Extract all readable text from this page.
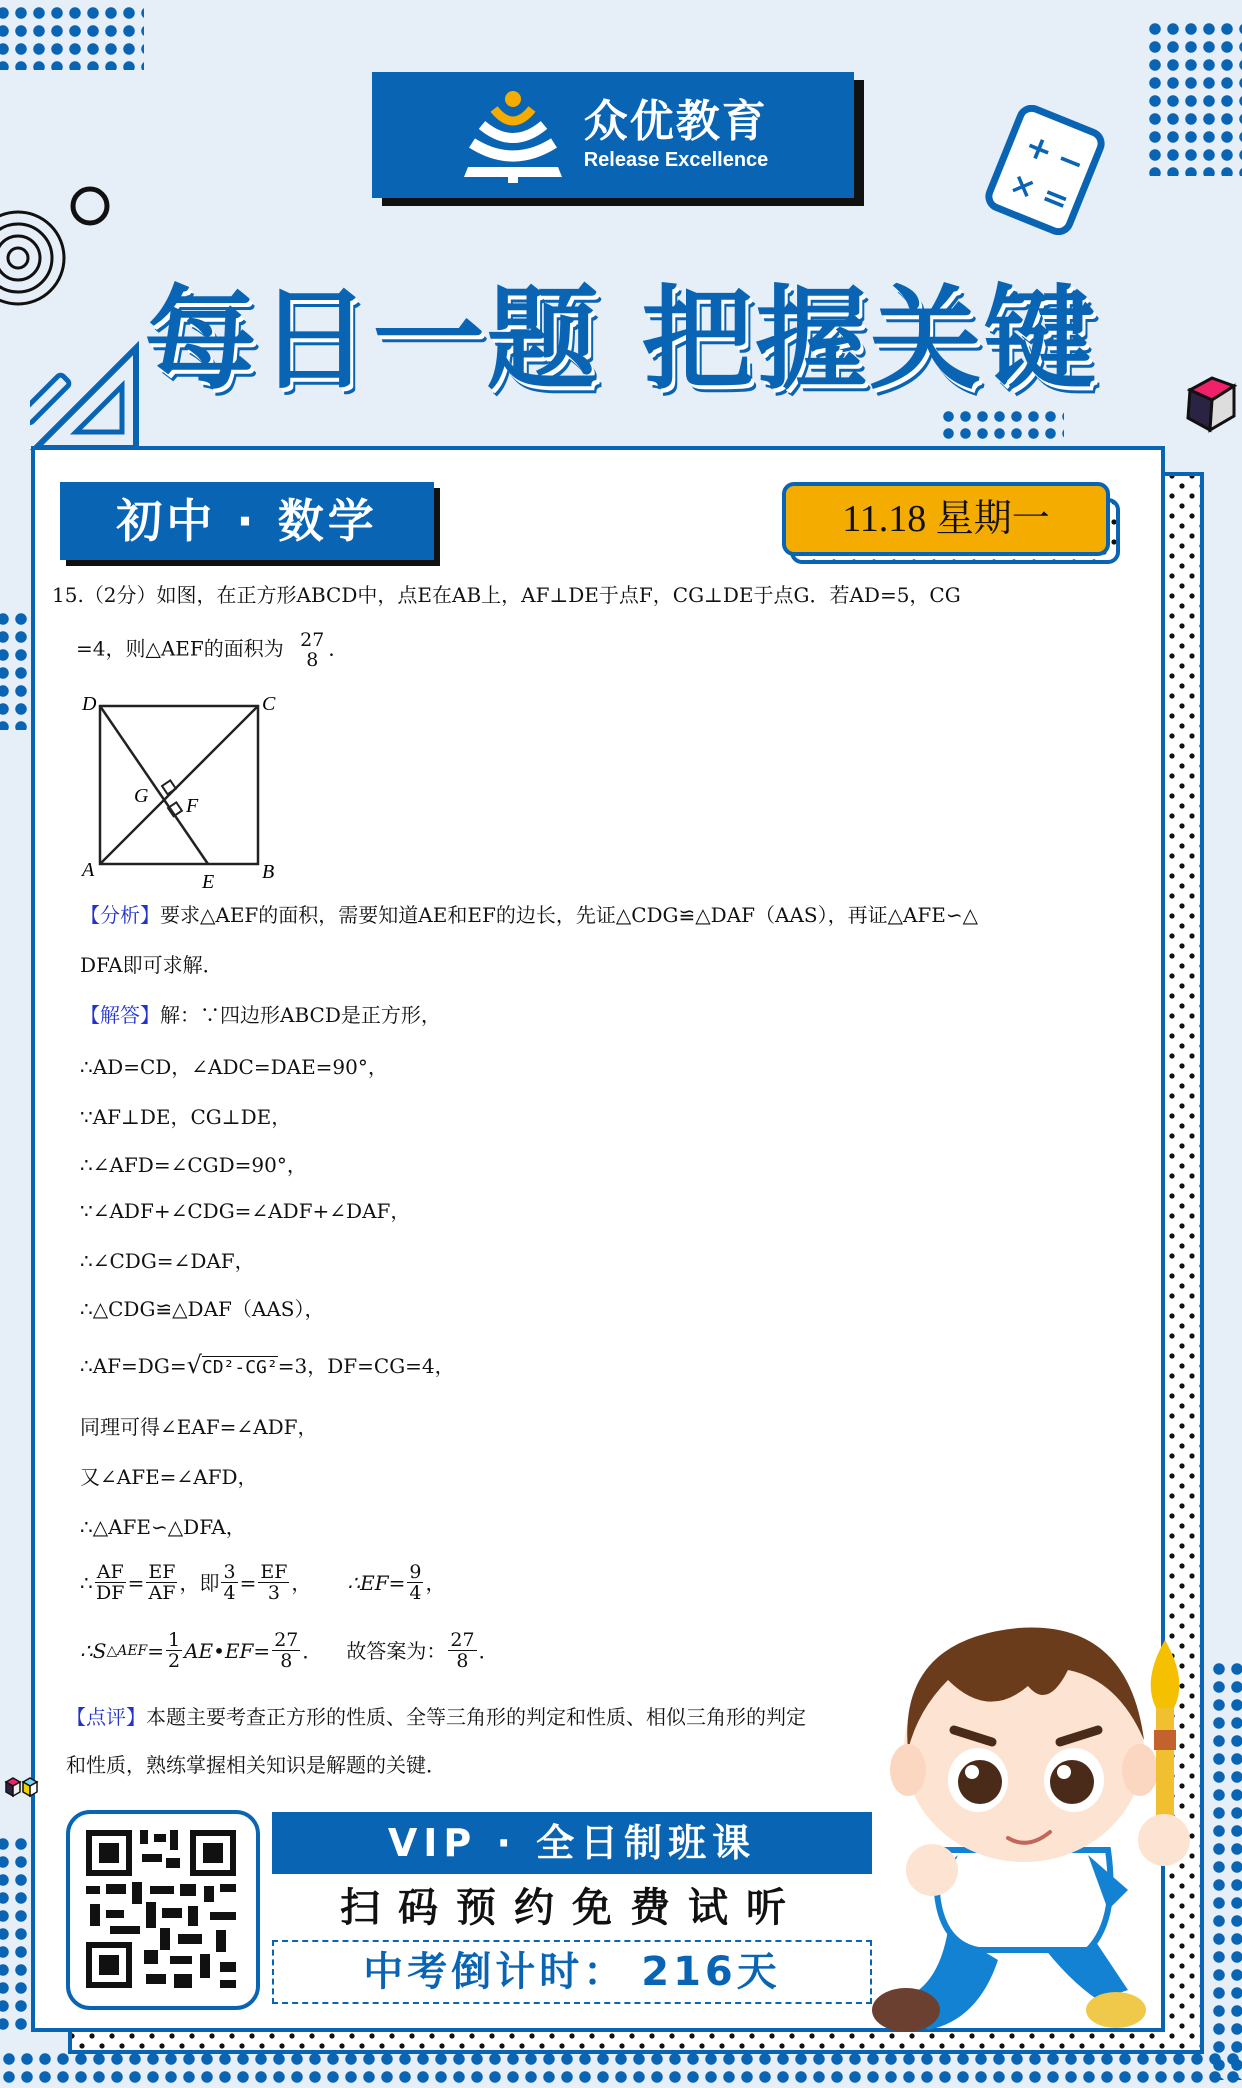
+
−
×
=
众优教育
Release Excellence
每日一题 把握关键
初中 · 数学	11.18 星期一
15.（2分）如图，在正方形ABCD中，点E在AB上，AF⊥DE于点F，CG⊥DE于点G．若AD=5，CG
=4，则△AEF的面积为 27
8 ．
D	C
A	B
E
F
G
【分析】要求△AEF的面积，需要知道AE和EF的边长，先证△CDG≌△DAF（AAS），再证△AFE∽△
DFA即可求解．
【解答】解：∵四边形ABCD是正方形，
∴AD=CD，∠ADC=DAE=90°，
∵AF⊥DE，CG⊥DE，
∴∠AFD=∠CGD=90°，
∵∠ADF+∠CDG=∠ADF+∠DAF，
∴∠CDG=∠DAF，
∴△CDG≌△DAF（AAS），
∴AF=DG=√CD²-CG²=3，DF=CG=4，
同理可得∠EAF=∠ADF，
又∠AFE=∠AFD，
∴△AFE∽△DFA，
∴ $\frac{AF}{DF} = \frac{EF}{AF}$ ，即 $\frac{3}{4} = \frac{EF}{3}$ ， ∴EF= $\frac{9}{4}$ ，
∴S △AEF = $\frac{1}{2}$ AE•EF= $\frac{27}{8}$ ． 故答案为： $\frac{27}{8}$ ．
【点评】本题主要考查正方形的性质、全等三角形的判定和性质、相似三角形的判定
和性质，熟练掌握相关知识是解题的关键．
VIP · 全日制班课
扫码预约免费试听
中考倒计时： 216天
